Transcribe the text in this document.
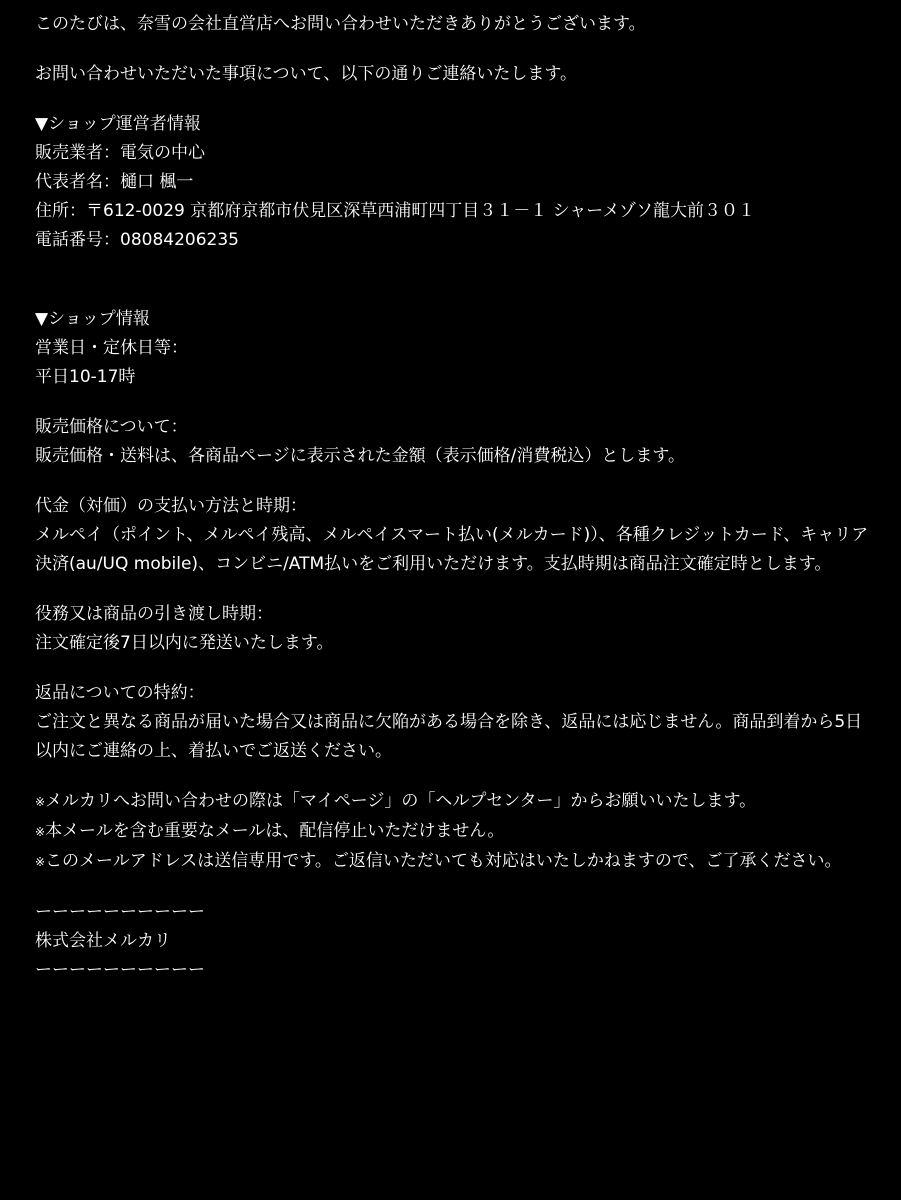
このたびは、奈雪の会社直営店へお問い合わせいただきありがとうございます。
お問い合わせいただいた事項について、以下の通りご連絡いたします。
▼ショップ運営者情報
販売業者：電気の中心
代表者名：樋口 楓一
住所：〒612-0029 京都府京都市伏見区深草西浦町四丁目３１－１ シャーメゾソ龍大前３０１
電話番号：08084206235
▼ショップ情報
営業日・定休日等：
平日10-17時
販売価格について：
販売価格・送料は、各商品ページに表示された金額（表示価格/消費税込）とします。
代金（対価）の支払い方法と時期：
メルペイ（ポイント、メルペイ残高、メルペイスマート払い(メルカード)）、各種クレジットカード、キャリア決済(au/UQ mobile)、コンビニ/ATM払いをご利用いただけます。支払時期は商品注文確定時とします。
役務又は商品の引き渡し時期：
注文確定後7日以内に発送いたします。
返品についての特約：
ご注文と異なる商品が届いた場合又は商品に欠陥がある場合を除き、返品には応じません。商品到着から5日以内にご連絡の上、着払いでご返送ください。
※メルカリへお問い合わせの際は「マイページ」の「ヘルプセンター」からお願いいたします。
※本メールを含む重要なメールは、配信停止いただけません。
※このメールアドレスは送信専用です。ご返信いただいても対応はいたしかねますので、ご了承ください。
ーーーーーーーーーー
株式会社メルカリ
ーーーーーーーーーー
